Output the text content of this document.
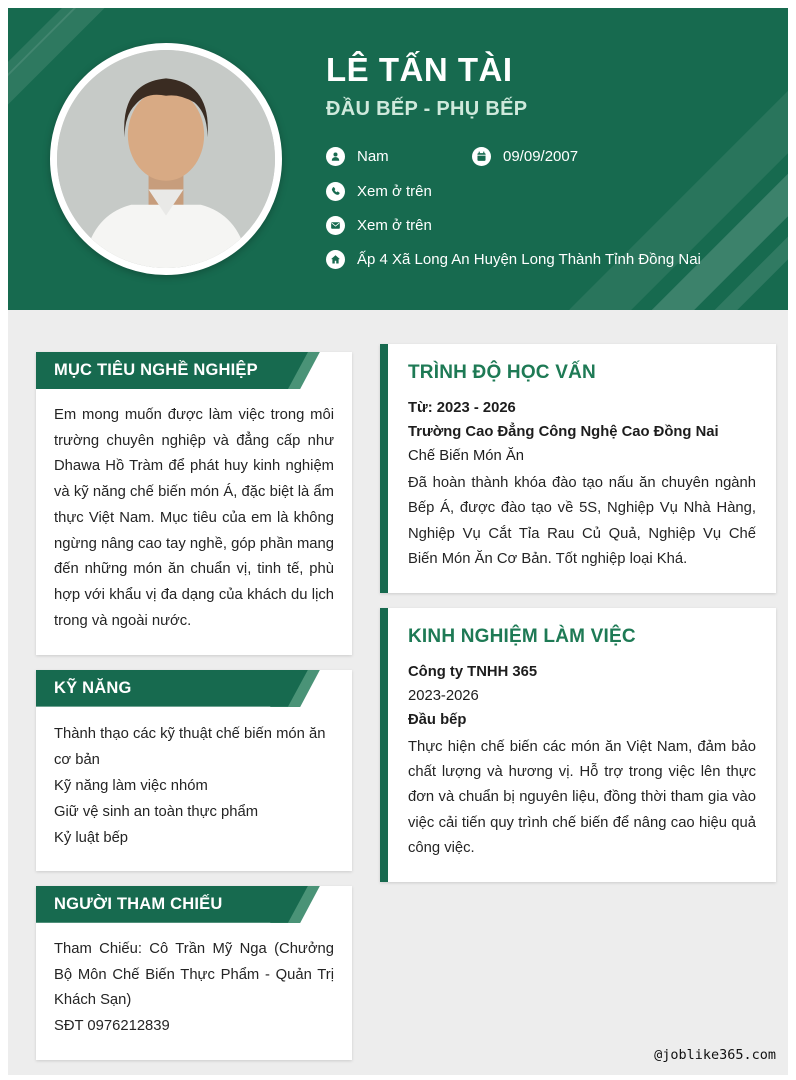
LÊ TẤN TÀI
ĐẦU BẾP - PHỤ BẾP
Nam	09/09/2007
Xem ở trên
Xem ở trên
Ấp 4 Xã Long An Huyện Long Thành Tỉnh Đồng Nai
MỤC TIÊU NGHỀ NGHIỆP

Em mong muốn được làm việc trong môi trường chuyên nghiệp và đẳng cấp như Dhawa Hồ Tràm để phát huy kinh nghiệm và kỹ năng chế biến món Á, đặc biệt là ẩm thực Việt Nam. Mục tiêu của em là không ngừng nâng cao tay nghề, góp phần mang đến những món ăn chuẩn vị, tinh tế, phù hợp với khẩu vị đa dạng của khách du lịch trong và ngoài nước.

KỸ NĂNG
Thành thạo các kỹ thuật chế biến món ăn cơ bản
Kỹ năng làm việc nhóm
Giữ vệ sinh an toàn thực phẩm
Kỷ luật bếp
NGƯỜI THAM CHIẾU

Tham Chiếu: Cô Trần Mỹ Nga (Chưởng Bộ Môn Chế Biến Thực Phẩm - Quản Trị Khách Sạn)

SĐT 0976212839

TRÌNH ĐỘ HỌC VẤN

Từ: 2023 - 2026

Trường Cao Đẳng Công Nghệ Cao Đồng Nai

Chế Biến Món Ăn

Đã hoàn thành khóa đào tạo nấu ăn chuyên ngành Bếp Á, được đào tạo về 5S, Nghiệp Vụ Nhà Hàng, Nghiệp Vụ Cắt Tỉa Rau Củ Quả, Nghiệp Vụ Chế Biến Món Ăn Cơ Bản. Tốt nghiệp loại Khá.

KINH NGHIỆM LÀM VIỆC

Công ty TNHH 365

2023-2026

Đầu bếp

Thực hiện chế biến các món ăn Việt Nam, đảm bảo chất lượng và hương vị. Hỗ trợ trong việc lên thực đơn và chuẩn bị nguyên liệu, đồng thời tham gia vào việc cải tiến quy trình chế biến để nâng cao hiệu quả công việc.

@joblike365.com
